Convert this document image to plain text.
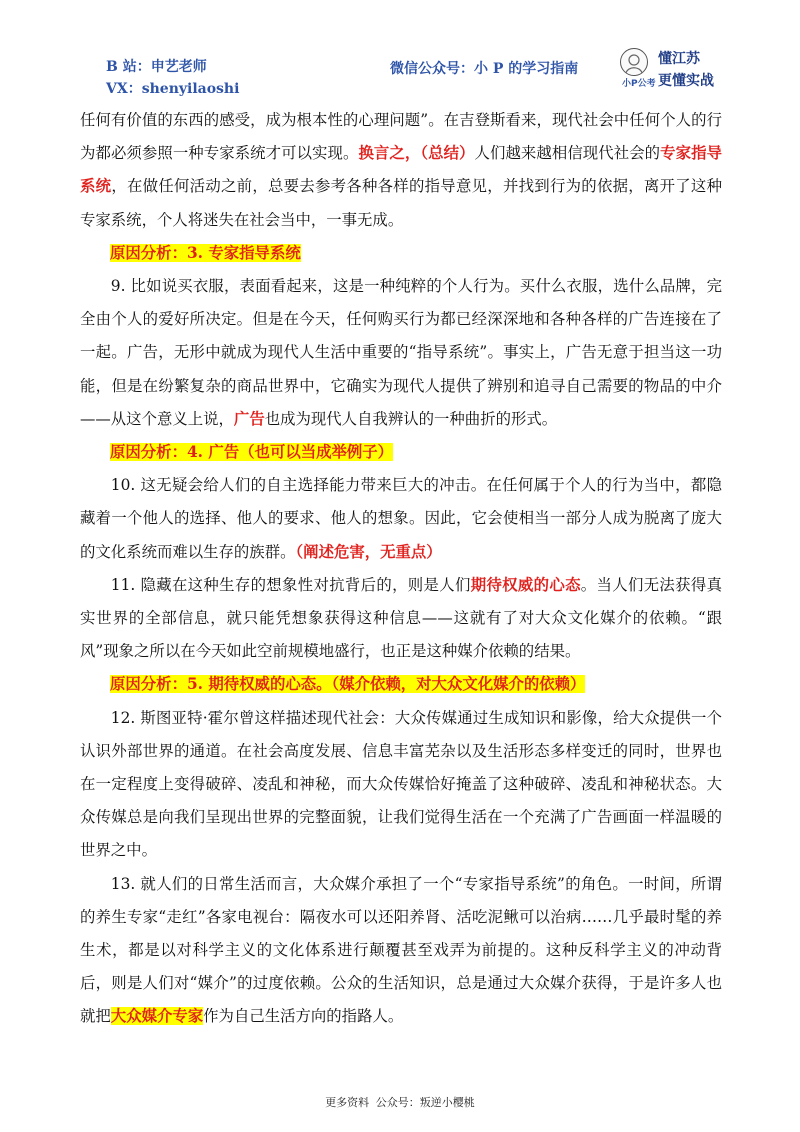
B 站：申艺老师
VX：shenyilaoshi
微信公众号：小 P 的学习指南
小P公考
懂江苏
更懂实战

任何有价值的东西的感受，成为根本性的心理问题”。在吉登斯看来，现代社会中任何个人的行为都必须参照一种专家系统才可以实现。换言之，（总结）人们越来越相信现代社会的专家指导系统，在做任何活动之前，总要去参考各种各样的指导意见，并找到行为的依据，离开了这种专家系统，个人将迷失在社会当中，一事无成。

原因分析：3. 专家指导系统

9. 比如说买衣服，表面看起来，这是一种纯粹的个人行为。买什么衣服，选什么品牌，完全由个人的爱好所决定。但是在今天，任何购买行为都已经深深地和各种各样的广告连接在了一起。广告，无形中就成为现代人生活中重要的“指导系统”。事实上，广告无意于担当这一功能，但是在纷繁复杂的商品世界中，它确实为现代人提供了辨别和追寻自己需要的物品的中介——从这个意义上说，广告也成为现代人自我辨认的一种曲折的形式。

原因分析：4. 广告（也可以当成举例子）

10. 这无疑会给人们的自主选择能力带来巨大的冲击。在任何属于个人的行为当中，都隐藏着一个他人的选择、他人的要求、他人的想象。因此，它会使相当一部分人成为脱离了庞大的文化系统而难以生存的族群。（阐述危害，无重点）

11. 隐藏在这种生存的想象性对抗背后的，则是人们期待权威的心态。当人们无法获得真实世界的全部信息，就只能凭想象获得这种信息——这就有了对大众文化媒介的依赖。“跟风”现象之所以在今天如此空前规模地盛行，也正是这种媒介依赖的结果。

原因分析：5. 期待权威的心态。（媒介依赖，对大众文化媒介的依赖）

12. 斯图亚特·霍尔曾这样描述现代社会：大众传媒通过生成知识和影像，给大众提供一个认识外部世界的通道。在社会高度发展、信息丰富芜杂以及生活形态多样变迁的同时，世界也在一定程度上变得破碎、凌乱和神秘，而大众传媒恰好掩盖了这种破碎、凌乱和神秘状态。大众传媒总是向我们呈现出世界的完整面貌，让我们觉得生活在一个充满了广告画面一样温暖的世界之中。

13. 就人们的日常生活而言，大众媒介承担了一个“专家指导系统”的角色。一时间，所谓的养生专家“走红”各家电视台：隔夜水可以还阳养肾、活吃泥鳅可以治病……几乎最时髦的养生术，都是以对科学主义的文化体系进行颠覆甚至戏弄为前提的。这种反科学主义的冲动背后，则是人们对“媒介”的过度依赖。公众的生活知识，总是通过大众媒介获得，于是许多人也就把大众媒介专家作为自己生活方向的指路人。

更多资料 公众号：叛逆小樱桃
